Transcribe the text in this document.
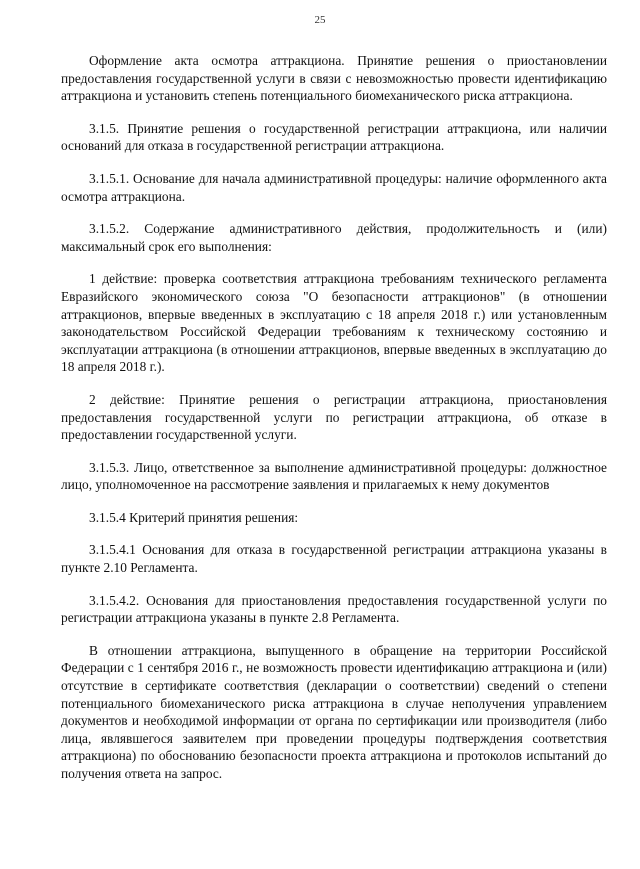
25

Оформление акта осмотра аттракциона. Принятие решения о приостановлении предоставления государственной услуги в связи с невозможностью провести идентификацию аттракциона и установить степень потенциального биомеханического риска аттракциона.

3.1.5. Принятие решения о государственной регистрации аттракциона, или наличии оснований для отказа в государственной регистрации аттракциона.

3.1.5.1. Основание для начала административной процедуры: наличие оформленного акта осмотра аттракциона.

3.1.5.2. Содержание административного действия, продолжительность и (или) максимальный срок его выполнения:

1 действие: проверка соответствия аттракциона требованиям технического регламента Евразийского экономического союза "О безопасности аттракционов" (в отношении аттракционов, впервые введенных в эксплуатацию с 18 апреля 2018 г.) или установленным законодательством Российской Федерации требованиям к техническому состоянию и эксплуатации аттракциона (в отношении аттракционов, впервые введенных в эксплуатацию до 18 апреля 2018 г.).

2 действие: Принятие решения о регистрации аттракциона, приостановления предоставления государственной услуги по регистрации аттракциона, об отказе в предоставлении государственной услуги.

3.1.5.3. Лицо, ответственное за выполнение административной процедуры: должностное лицо, уполномоченное на рассмотрение заявления и прилагаемых к нему документов

3.1.5.4 Критерий принятия решения:

3.1.5.4.1 Основания для отказа в государственной регистрации аттракциона указаны в пункте 2.10 Регламента.

3.1.5.4.2. Основания для приостановления предоставления государственной услуги по регистрации аттракциона указаны в пункте 2.8 Регламента.

В отношении аттракциона, выпущенного в обращение на территории Российской Федерации с 1 сентября 2016 г., не возможность провести идентификацию аттракциона и (или) отсутствие в сертификате соответствия (декларации о соответствии) сведений о степени потенциального биомеханического риска аттракциона в случае неполучения управлением документов и необходимой информации от органа по сертификации или производителя (либо лица, являвшегося заявителем при проведении процедуры подтверждения соответствия аттракциона) по обоснованию безопасности проекта аттракциона и протоколов испытаний до получения ответа на запрос.
